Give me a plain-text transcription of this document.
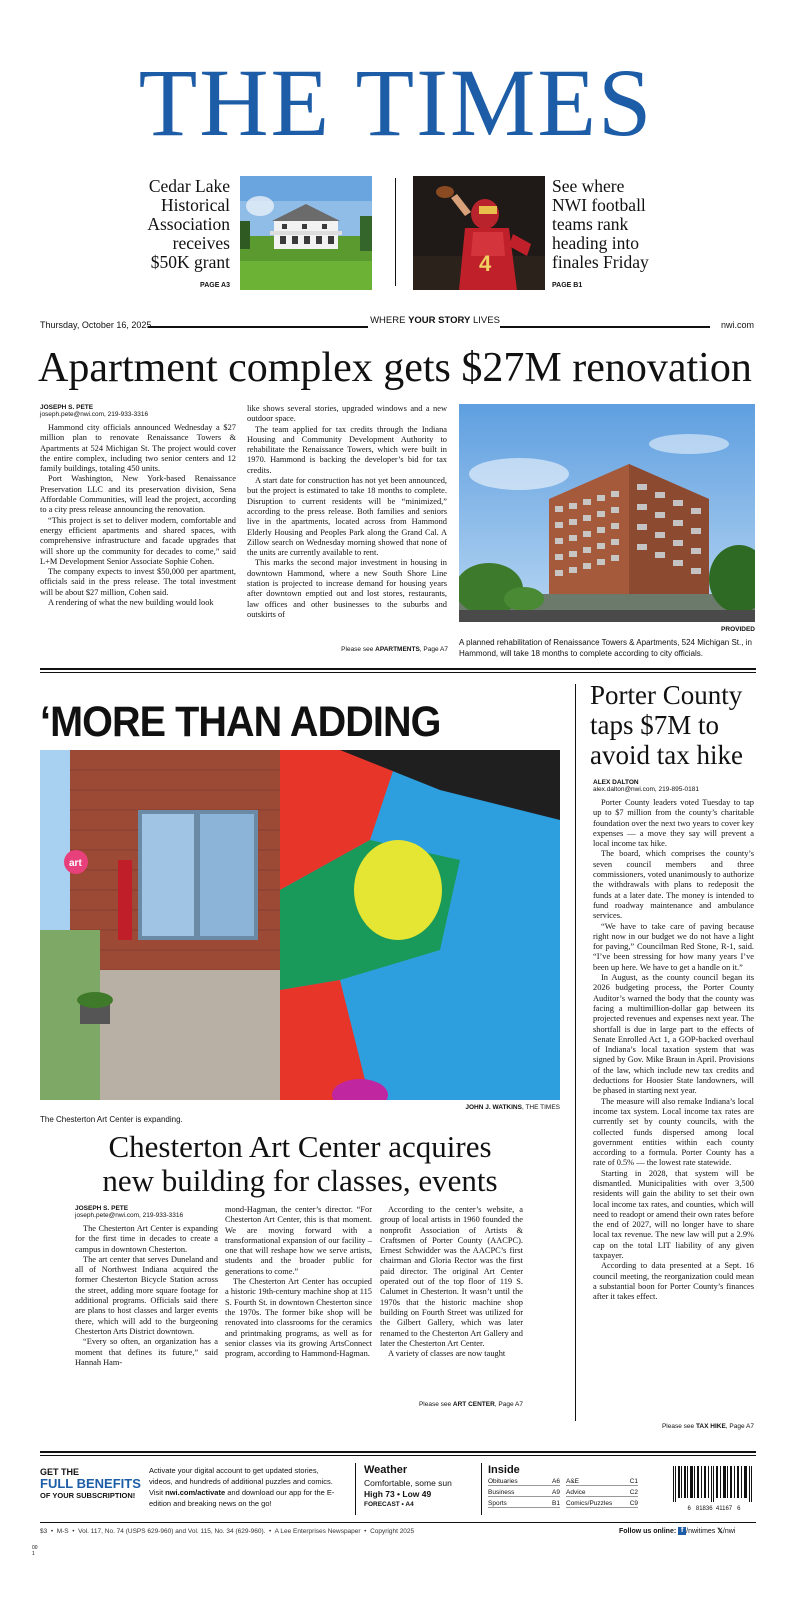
THE TIMES
Cedar Lake
Historical
Association
receives
$50K grant
PAGE A3
4
See where
NWI football
teams rank
heading into
finales Friday
PAGE B1
Thursday, October 16, 2025	WHERE YOUR STORY LIVES	nwi.com
Apartment complex gets $27M renovation
JOSEPH S. PETE
joseph.pete@nwi.com, 219-933-3316

Hammond city officials announced Wednesday a $27 million plan to renovate Renaissance Towers & Apartments at 524 Michigan St. The project would cover the entire complex, including two senior centers and 12 family buildings, totaling 450 units.

Port Washington, New York-based Renaissance Preservation LLC and its preservation division, Sena Affordable Communities, will lead the project, according to a city press release announcing the renovation.

“This project is set to deliver modern, comfortable and energy efficient apartments and shared spaces, with comprehensive infrastructure and facade upgrades that will shore up the community for decades to come,” said L+M Development Senior Associate Sophie Cohen.

The company expects to invest $50,000 per apartment, officials said in the press release. The total investment will be about $27 million, Cohen said.

A rendering of what the new building would look

like shows several stories, upgraded windows and a new outdoor space.

The team applied for tax credits through the Indiana Housing and Community Development Authority to rehabilitate the Renaissance Towers, which were built in 1970. Hammond is backing the developer’s bid for tax credits.

A start date for construction has not yet been announced, but the project is estimated to take 18 months to complete. Disruption to current residents will be “minimized,” according to the press release. Both families and seniors live in the apartments, located across from Hammond Elderly Housing and Peoples Park along the Grand Cal. A Zillow search on Wednesday morning showed that none of the units are currently available to rent.

This marks the second major investment in housing in downtown Hammond, where a new South Shore Line station is projected to increase demand for housing years after downtown emptied out and lost stores, restaurants, law offices and other businesses to the suburbs and outskirts of

Please see APARTMENTS, Page A7
PROVIDED
A planned rehabilitation of Renaissance Towers & Apartments, 524 Michigan St., in Hammond, will take 18 months to complete according to city officials.
‘MORE THAN ADDING
art
JOHN J. WATKINS, THE TIMES
The Chesterton Art Center is expanding.
Chesterton Art Center acquires
new building for classes, events
JOSEPH S. PETE
joseph.pete@nwi.com, 219-933-3316

The Chesterton Art Center is expanding for the first time in decades to create a campus in downtown Chesterton.

The art center that serves Duneland and all of Northwest Indiana acquired the former Chesterton Bicycle Station across the street, adding more square footage for additional programs. Officials said there are plans to host classes and larger events there, which will add to the burgeoning Chesterton Arts District downtown.

“Every so often, an organization has a moment that defines its future,” said Hannah Ham-

mond-Hagman, the center’s director. “For Chesterton Art Center, this is that moment. We are moving forward with a transformational expansion of our facility – one that will reshape how we serve artists, students and the broader public for generations to come.”

The Chesterton Art Center has occupied a historic 19th-century machine shop at 115 S. Fourth St. in downtown Chesterton since the 1970s. The former bike shop will be renovated into classrooms for the ceramics and printmaking programs, as well as for senior classes via its growing ArtsConnect program, according to Hammond-Hagman.

According to the center’s website, a group of local artists in 1960 founded the nonprofit Association of Artists & Craftsmen of Porter County (AACPC). Ernest Schwidder was the AACPC’s first chairman and Gloria Rector was the first paid director. The original Art Center operated out of the top floor of 119 S. Calumet in Chesterton. It wasn’t until the 1970s that the historic machine shop building on Fourth Street was utilized for the Gilbert Gallery, which was later renamed to the Chesterton Art Gallery and later the Chesterton Art Center.

A variety of classes are now taught

Please see ART CENTER, Page A7
Porter County
taps $7M to
avoid tax hike
ALEX DALTON
alex.dalton@nwi.com, 219-895-0181

Porter County leaders voted Tuesday to tap up to $7 million from the county’s charitable foundation over the next two years to cover key expenses — a move they say will prevent a local income tax hike.

The board, which comprises the county’s seven council members and three commissioners, voted unanimously to authorize the withdrawals with plans to redeposit the funds at a later date. The money is intended to fund roadway maintenance and ambulance services.

“We have to take care of paving because right now in our budget we do not have a light for paving,” Councilman Red Stone, R-1, said. “I’ve been stressing for how many years I’ve been up here. We have to get a handle on it.”

In August, as the county council began its 2026 budgeting process, the Porter County Auditor’s warned the body that the county was facing a multimillion-dollar gap between its projected revenues and expenses next year. The shortfall is due in large part to the effects of Senate Enrolled Act 1, a GOP-backed overhaul of Indiana’s local taxation system that was signed by Gov. Mike Braun in April. Provisions of the law, which include new tax credits and deductions for Hoosier State landowners, will be phased in starting next year.

The measure will also remake Indiana’s local income tax system. Local income tax rates are currently set by county councils, with the collected funds dispersed among local government entities within each county according to a formula. Porter County has a rate of 0.5% — the lowest rate statewide.

Starting in 2028, that system will be dismantled. Municipalities with over 3,500 residents will gain the ability to set their own local income tax rates, and counties, which will need to readopt or amend their own rates before the end of 2027, will no longer have to share local tax revenue. The new law will put a 2.9% cap on the total LIT liability of any given taxpayer.

According to data presented at a Sept. 16 council meeting, the reorganization could mean a substantial boon for Porter County’s finances after it takes effect.

Please see TAX HIKE, Page A7
GET THE
FULL BENEFITS
OF YOUR SUBSCRIPTION!
Activate your digital account to get updated stories, videos, and hundreds of additional puzzles and comics. Visit nwi.com/activate and download our app for the E-edition and breaking news on the go!
Weather
Comfortable, some sun
High 73 • Low 49
FORECAST • A4
Inside
Obituaries	A6
Business	A9
Sports	B1
A&E	C1
Advice	C2
Comics/Puzzles	C9
6   81836  41167   6
$3  •  M-S  •  Vol. 117, No. 74 (USPS 629-960) and Vol. 115, No. 34 (629-960).  •  A Lee Enterprises Newspaper  •  Copyright 2025	Follow us online: f /nwitimes 𝕏/nwi
00
1
